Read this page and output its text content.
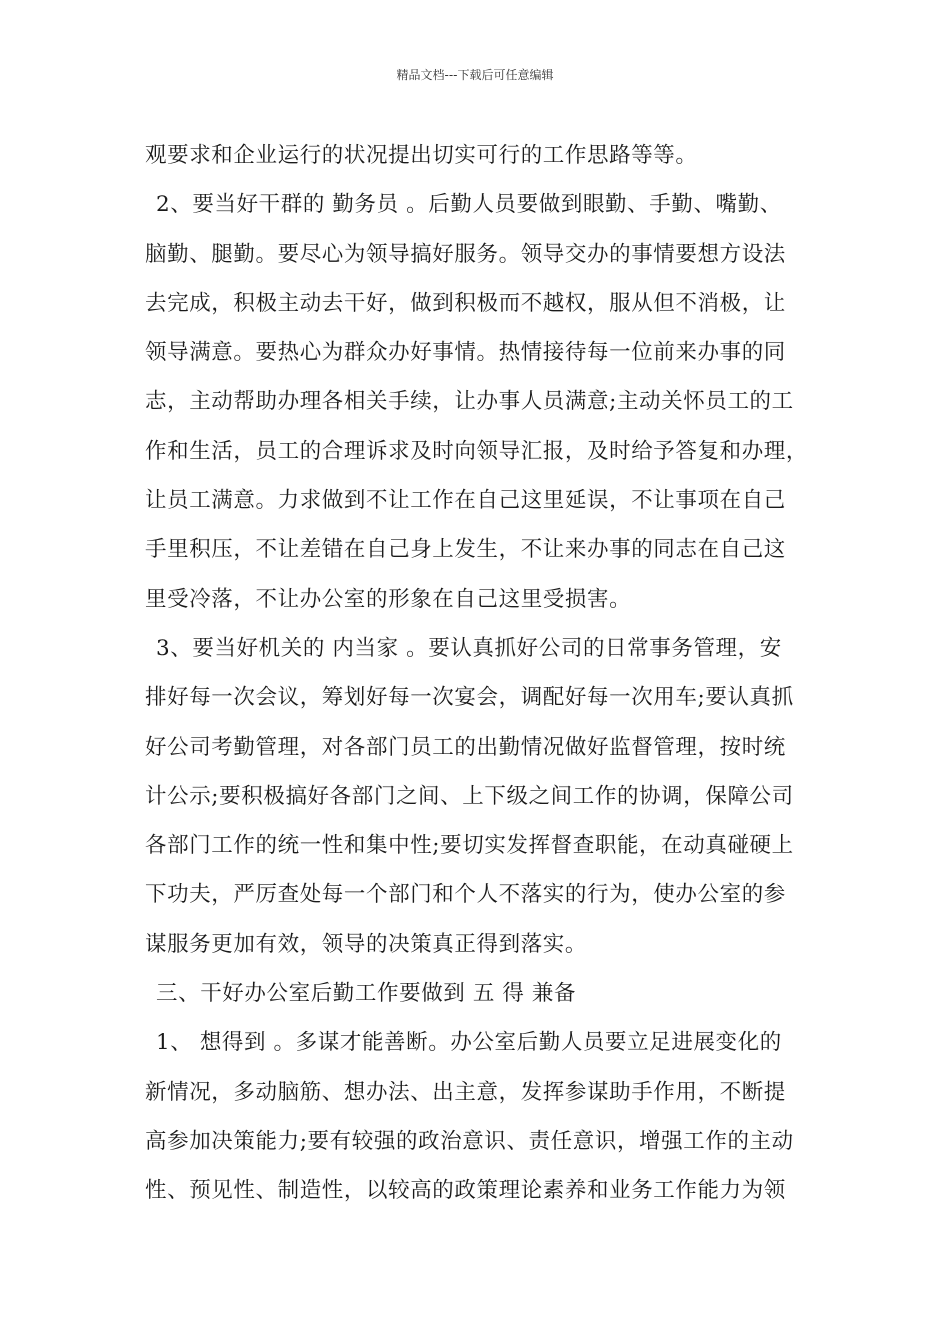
精品文档---下载后可任意编辑
观要求和企业运行的状况提出切实可行的工作思路等等。
2、要当好干群的 勤务员 。后勤人员要做到眼勤、手勤、嘴勤、
脑勤、腿勤。要尽心为领导搞好服务。领导交办的事情要想方设法
去完成，积极主动去干好，做到积极而不越权，服从但不消极，让
领导满意。要热心为群众办好事情。热情接待每一位前来办事的同
志，主动帮助办理各相关手续，让办事人员满意;主动关怀员工的工
作和生活，员工的合理诉求及时向领导汇报，及时给予答复和办理，
让员工满意。力求做到不让工作在自己这里延误，不让事项在自己
手里积压，不让差错在自己身上发生，不让来办事的同志在自己这
里受冷落，不让办公室的形象在自己这里受损害。
3、要当好机关的 内当家 。要认真抓好公司的日常事务管理，安
排好每一次会议，筹划好每一次宴会，调配好每一次用车;要认真抓
好公司考勤管理，对各部门员工的出勤情况做好监督管理，按时统
计公示;要积极搞好各部门之间、上下级之间工作的协调，保障公司
各部门工作的统一性和集中性;要切实发挥督查职能，在动真碰硬上
下功夫，严厉查处每一个部门和个人不落实的行为，使办公室的参
谋服务更加有效，领导的决策真正得到落实。
三、干好办公室后勤工作要做到 五 得 兼备
1、 想得到 。多谋才能善断。办公室后勤人员要立足进展变化的
新情况，多动脑筋、想办法、出主意，发挥参谋助手作用，不断提
高参加决策能力;要有较强的政治意识、责任意识，增强工作的主动
性、预见性、制造性，以较高的政策理论素养和业务工作能力为领
